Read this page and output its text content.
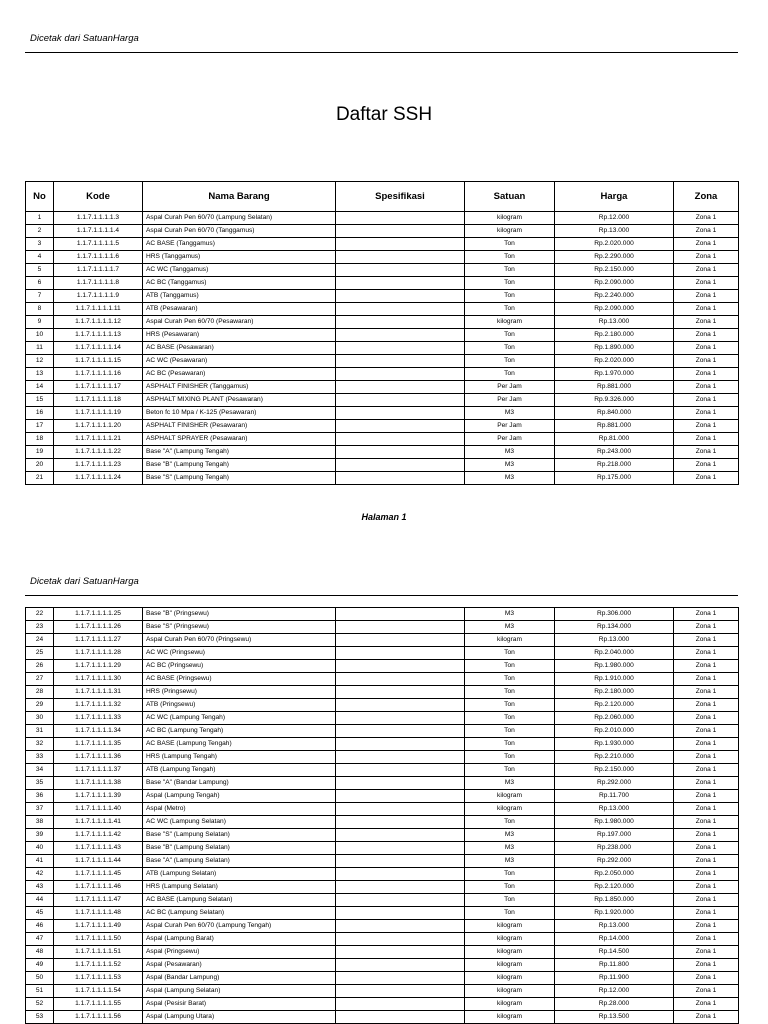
Dicetak dari SatuanHarga
Daftar SSH
No	Kode	Nama Barang	Spesifikasi	Satuan	Harga	Zona
1	1.1.7.1.1.1.1.3	Aspal Curah Pen 60/70 (Lampung Selatan)		kilogram	Rp.12.000	Zona 1
2	1.1.7.1.1.1.1.4	Aspal Curah Pen 60/70 (Tanggamus)		kilogram	Rp.13.000	Zona 1
3	1.1.7.1.1.1.1.5	AC BASE (Tanggamus)		Ton	Rp.2.020.000	Zona 1
4	1.1.7.1.1.1.1.6	HRS (Tanggamus)		Ton	Rp.2.290.000	Zona 1
5	1.1.7.1.1.1.1.7	AC WC (Tanggamus)		Ton	Rp.2.150.000	Zona 1
6	1.1.7.1.1.1.1.8	AC BC (Tanggamus)		Ton	Rp.2.090.000	Zona 1
7	1.1.7.1.1.1.1.9	ATB (Tanggamus)		Ton	Rp.2.240.000	Zona 1
8	1.1.7.1.1.1.1.11	ATB (Pesawaran)		Ton	Rp.2.090.000	Zona 1
9	1.1.7.1.1.1.1.12	Aspal Curah Pen 60/70 (Pesawaran)		kilogram	Rp.13.000	Zona 1
10	1.1.7.1.1.1.1.13	HRS (Pesawaran)		Ton	Rp.2.180.000	Zona 1
11	1.1.7.1.1.1.1.14	AC BASE (Pesawaran)		Ton	Rp.1.890.000	Zona 1
12	1.1.7.1.1.1.1.15	AC WC (Pesawaran)		Ton	Rp.2.020.000	Zona 1
13	1.1.7.1.1.1.1.16	AC BC (Pesawaran)		Ton	Rp.1.970.000	Zona 1
14	1.1.7.1.1.1.1.17	ASPHALT FINISHER (Tanggamus)		Per Jam	Rp.881.000	Zona 1
15	1.1.7.1.1.1.1.18	ASPHALT MIXING PLANT (Pesawaran)		Per Jam	Rp.9.326.000	Zona 1
16	1.1.7.1.1.1.1.19	Beton fc 10 Mpa / K-125 (Pesawaran)		M3	Rp.840.000	Zona 1
17	1.1.7.1.1.1.1.20	ASPHALT FINISHER (Pesawaran)		Per Jam	Rp.881.000	Zona 1
18	1.1.7.1.1.1.1.21	ASPHALT SPRAYER (Pesawaran)		Per Jam	Rp.81.000	Zona 1
19	1.1.7.1.1.1.1.22	Base "A" (Lampung Tengah)		M3	Rp.243.000	Zona 1
20	1.1.7.1.1.1.1.23	Base "B" (Lampung Tengah)		M3	Rp.218.000	Zona 1
21	1.1.7.1.1.1.1.24	Base "S" (Lampung Tengah)		M3	Rp.175.000	Zona 1
Halaman 1
Dicetak dari SatuanHarga
22	1.1.7.1.1.1.1.25	Base "B" (Pringsewu)		M3	Rp.306.000	Zona 1
23	1.1.7.1.1.1.1.26	Base "S" (Pringsewu)		M3	Rp.134.000	Zona 1
24	1.1.7.1.1.1.1.27	Aspal Curah Pen 60/70 (Pringsewu)		kilogram	Rp.13.000	Zona 1
25	1.1.7.1.1.1.1.28	AC WC (Pringsewu)		Ton	Rp.2.040.000	Zona 1
26	1.1.7.1.1.1.1.29	AC BC (Pringsewu)		Ton	Rp.1.980.000	Zona 1
27	1.1.7.1.1.1.1.30	AC BASE (Pringsewu)		Ton	Rp.1.910.000	Zona 1
28	1.1.7.1.1.1.1.31	HRS (Pringsewu)		Ton	Rp.2.180.000	Zona 1
29	1.1.7.1.1.1.1.32	ATB (Pringsewu)		Ton	Rp.2.120.000	Zona 1
30	1.1.7.1.1.1.1.33	AC WC (Lampung Tengah)		Ton	Rp.2.060.000	Zona 1
31	1.1.7.1.1.1.1.34	AC BC (Lampung Tengah)		Ton	Rp.2.010.000	Zona 1
32	1.1.7.1.1.1.1.35	AC BASE (Lampung Tengah)		Ton	Rp.1.930.000	Zona 1
33	1.1.7.1.1.1.1.36	HRS (Lampung Tengah)		Ton	Rp.2.210.000	Zona 1
34	1.1.7.1.1.1.1.37	ATB (Lampung Tengah)		Ton	Rp.2.150.000	Zona 1
35	1.1.7.1.1.1.1.38	Base "A" (Bandar Lampung)		M3	Rp.292.000	Zona 1
36	1.1.7.1.1.1.1.39	Aspal (Lampung Tengah)		kilogram	Rp.11.700	Zona 1
37	1.1.7.1.1.1.1.40	Aspal (Metro)		kilogram	Rp.13.000	Zona 1
38	1.1.7.1.1.1.1.41	AC WC (Lampung Selatan)		Ton	Rp.1.980.000	Zona 1
39	1.1.7.1.1.1.1.42	Base "S" (Lampung Selatan)		M3	Rp.197.000	Zona 1
40	1.1.7.1.1.1.1.43	Base "B" (Lampung Selatan)		M3	Rp.238.000	Zona 1
41	1.1.7.1.1.1.1.44	Base "A" (Lampung Selatan)		M3	Rp.292.000	Zona 1
42	1.1.7.1.1.1.1.45	ATB (Lampung Selatan)		Ton	Rp.2.050.000	Zona 1
43	1.1.7.1.1.1.1.46	HRS (Lampung Selatan)		Ton	Rp.2.120.000	Zona 1
44	1.1.7.1.1.1.1.47	AC BASE (Lampung Selatan)		Ton	Rp.1.850.000	Zona 1
45	1.1.7.1.1.1.1.48	AC BC (Lampung Selatan)		Ton	Rp.1.920.000	Zona 1
46	1.1.7.1.1.1.1.49	Aspal Curah Pen 60/70 (Lampung Tengah)		kilogram	Rp.13.000	Zona 1
47	1.1.7.1.1.1.1.50	Aspal (Lampung Barat)		kilogram	Rp.14.000	Zona 1
48	1.1.7.1.1.1.1.51	Aspal (Pringsewu)		kilogram	Rp.14.500	Zona 1
49	1.1.7.1.1.1.1.52	Aspal (Pesawaran)		kilogram	Rp.11.800	Zona 1
50	1.1.7.1.1.1.1.53	Aspal (Bandar Lampung)		kilogram	Rp.11.900	Zona 1
51	1.1.7.1.1.1.1.54	Aspal (Lampung Selatan)		kilogram	Rp.12.000	Zona 1
52	1.1.7.1.1.1.1.55	Aspal (Pesisir Barat)		kilogram	Rp.28.000	Zona 1
53	1.1.7.1.1.1.1.56	Aspal (Lampung Utara)		kilogram	Rp.13.500	Zona 1
